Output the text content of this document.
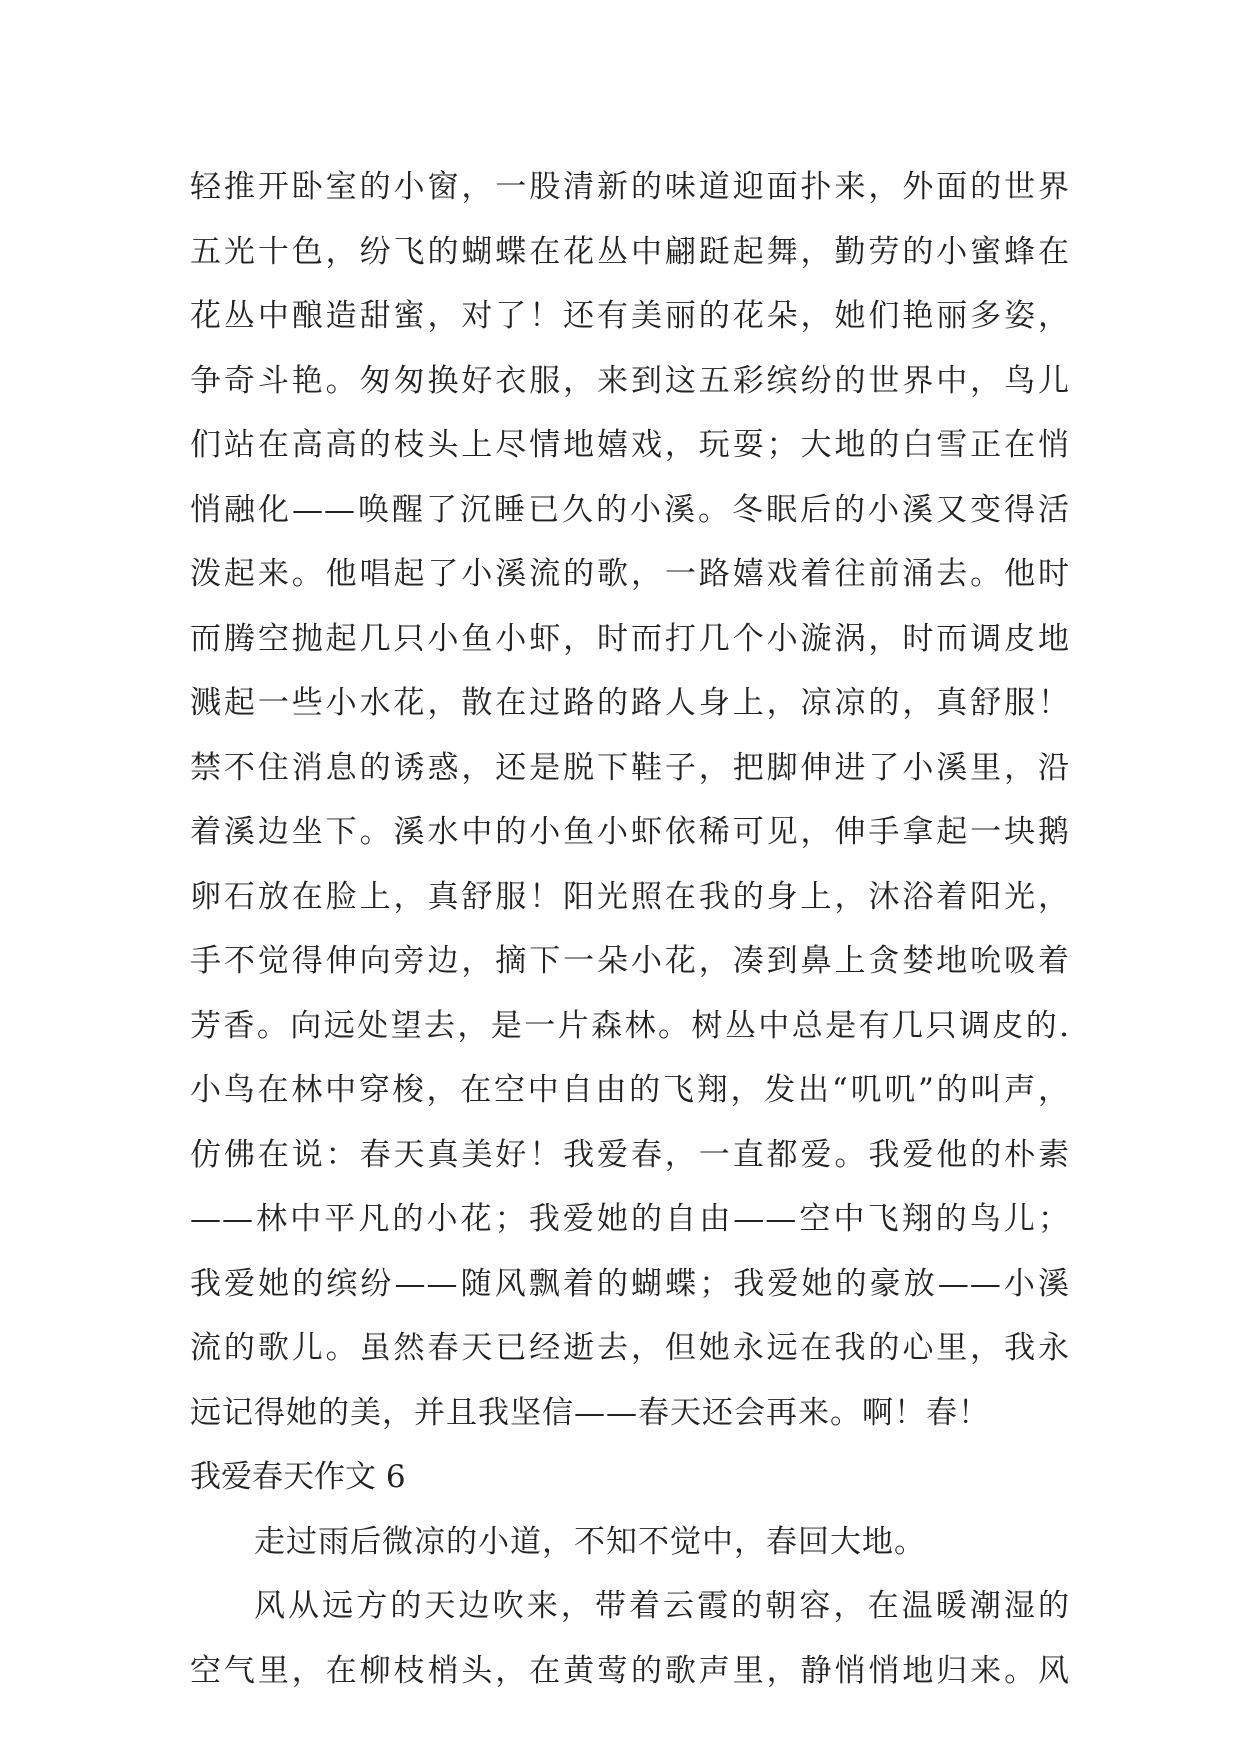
轻推开卧室的小窗，一股清新的味道迎面扑来，外面的世界
五光十色，纷飞的蝴蝶在花丛中翩跹起舞，勤劳的小蜜蜂在
花丛中酿造甜蜜，对了！还有美丽的花朵，她们艳丽多姿，
争奇斗艳。匆匆换好衣服，来到这五彩缤纷的世界中，鸟儿
们站在高高的枝头上尽情地嬉戏，玩耍；大地的白雪正在悄
悄融化——唤醒了沉睡已久的小溪。冬眠后的小溪又变得活
泼起来。他唱起了小溪流的歌，一路嬉戏着往前涌去。他时
而腾空抛起几只小鱼小虾，时而打几个小漩涡，时而调皮地
溅起一些小水花，散在过路的路人身上，凉凉的，真舒服！
禁不住消息的诱惑，还是脱下鞋子，把脚伸进了小溪里，沿
着溪边坐下。溪水中的小鱼小虾依稀可见，伸手拿起一块鹅
卵石放在脸上，真舒服！阳光照在我的身上，沐浴着阳光，
手不觉得伸向旁边，摘下一朵小花，凑到鼻上贪婪地吮吸着
芳香。向远处望去，是一片森林。树丛中总是有几只调皮的.
小鸟在林中穿梭，在空中自由的飞翔，发出“叽叽”的叫声，
仿佛在说：春天真美好！我爱春，一直都爱。我爱他的朴素
——林中平凡的小花；我爱她的自由——空中飞翔的鸟儿；
我爱她的缤纷——随风飘着的蝴蝶；我爱她的豪放——小溪
流的歌儿。虽然春天已经逝去，但她永远在我的心里，我永
远记得她的美，并且我坚信——春天还会再来。啊！春！
我爱春天作文 6
走过雨后微凉的小道，不知不觉中，春回大地。
风从远方的天边吹来，带着云霞的朝容，在温暖潮湿的
空气里，在柳枝梢头，在黄莺的歌声里，静悄悄地归来。风
